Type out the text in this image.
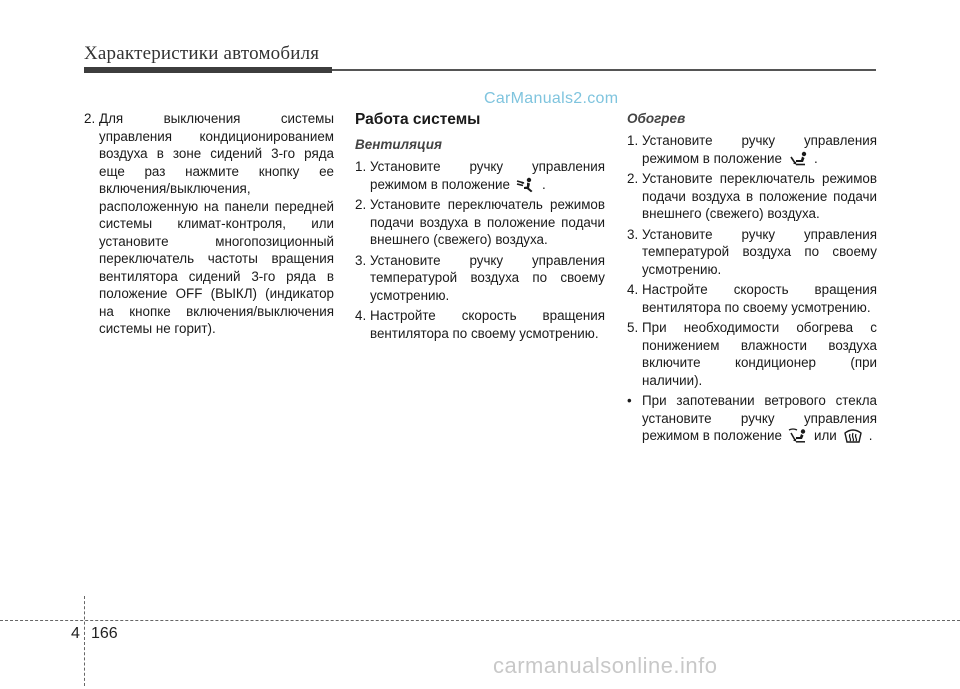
Характеристики автомобиля
CarManuals2.com
2. Для выключения системы управления кондиционированием воздуха в зоне сидений 3-го ряда еще раз нажмите кнопку ее включения/выключения, расположенную на панели передней системы климат-контроля, или установите многопозиционный переключатель частоты вращения вентилятора сидений 3-го ряда в положение OFF (ВЫКЛ) (индикатор на кнопке включения/выключения системы не горит).
Работа системы
Вентиляция
1. Установите ручку управления режимом в положение .
2. Установите переключатель режимов подачи воздуха в положение подачи внешнего (свежего) воздуха.
3. Установите ручку управления температурой воздуха по своему усмотрению.
4. Настройте скорость вращения вентилятора по своему усмотрению.
Обогрев
1. Установите ручку управления режимом в положение .
2. Установите переключатель режимов подачи воздуха в положение подачи внешнего (свежего) воздуха.
3. Установите ручку управления температурой воздуха по своему усмотрению.
4. Настройте скорость вращения вентилятора по своему усмотрению.
5. При необходимости обогрева с понижением влажности воздуха включите кондиционер (при наличии).
• При запотевании ветрового стекла установите ручку управления режимом в положение или .
4 166
carmanualsonline.info
